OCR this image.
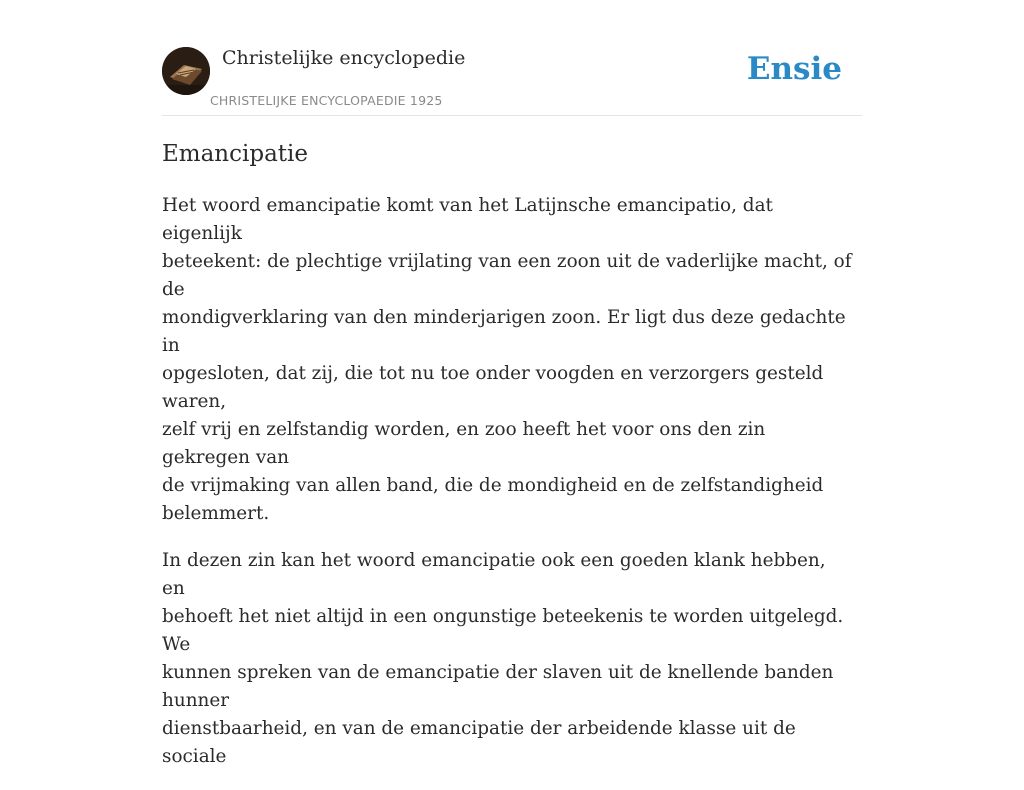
Christelijke encyclopedie
CHRISTELIJKE ENCYCLOPAEDIE 1925
Ensie
Emancipatie

Het woord emancipatie komt van het Latijnsche emancipatio, dat eigenlijk
beteekent: de plechtige vrijlating van een zoon uit de vaderlijke macht, of de
mondigverklaring van den minderjarigen zoon. Er ligt dus deze gedachte in
opgesloten, dat zij, die tot nu toe onder voogden en verzorgers gesteld waren,
zelf vrij en zelfstandig worden, en zoo heeft het voor ons den zin gekregen van
de vrijmaking van allen band, die de mondigheid en de zelfstandigheid
belemmert.

In dezen zin kan het woord emancipatie ook een goeden klank hebben, en
behoeft het niet altijd in een ongunstige beteekenis te worden uitgelegd. We
kunnen spreken van de emancipatie der slaven uit de knellende banden hunner
dienstbaarheid, en van de emancipatie der arbeidende klasse uit de sociale
